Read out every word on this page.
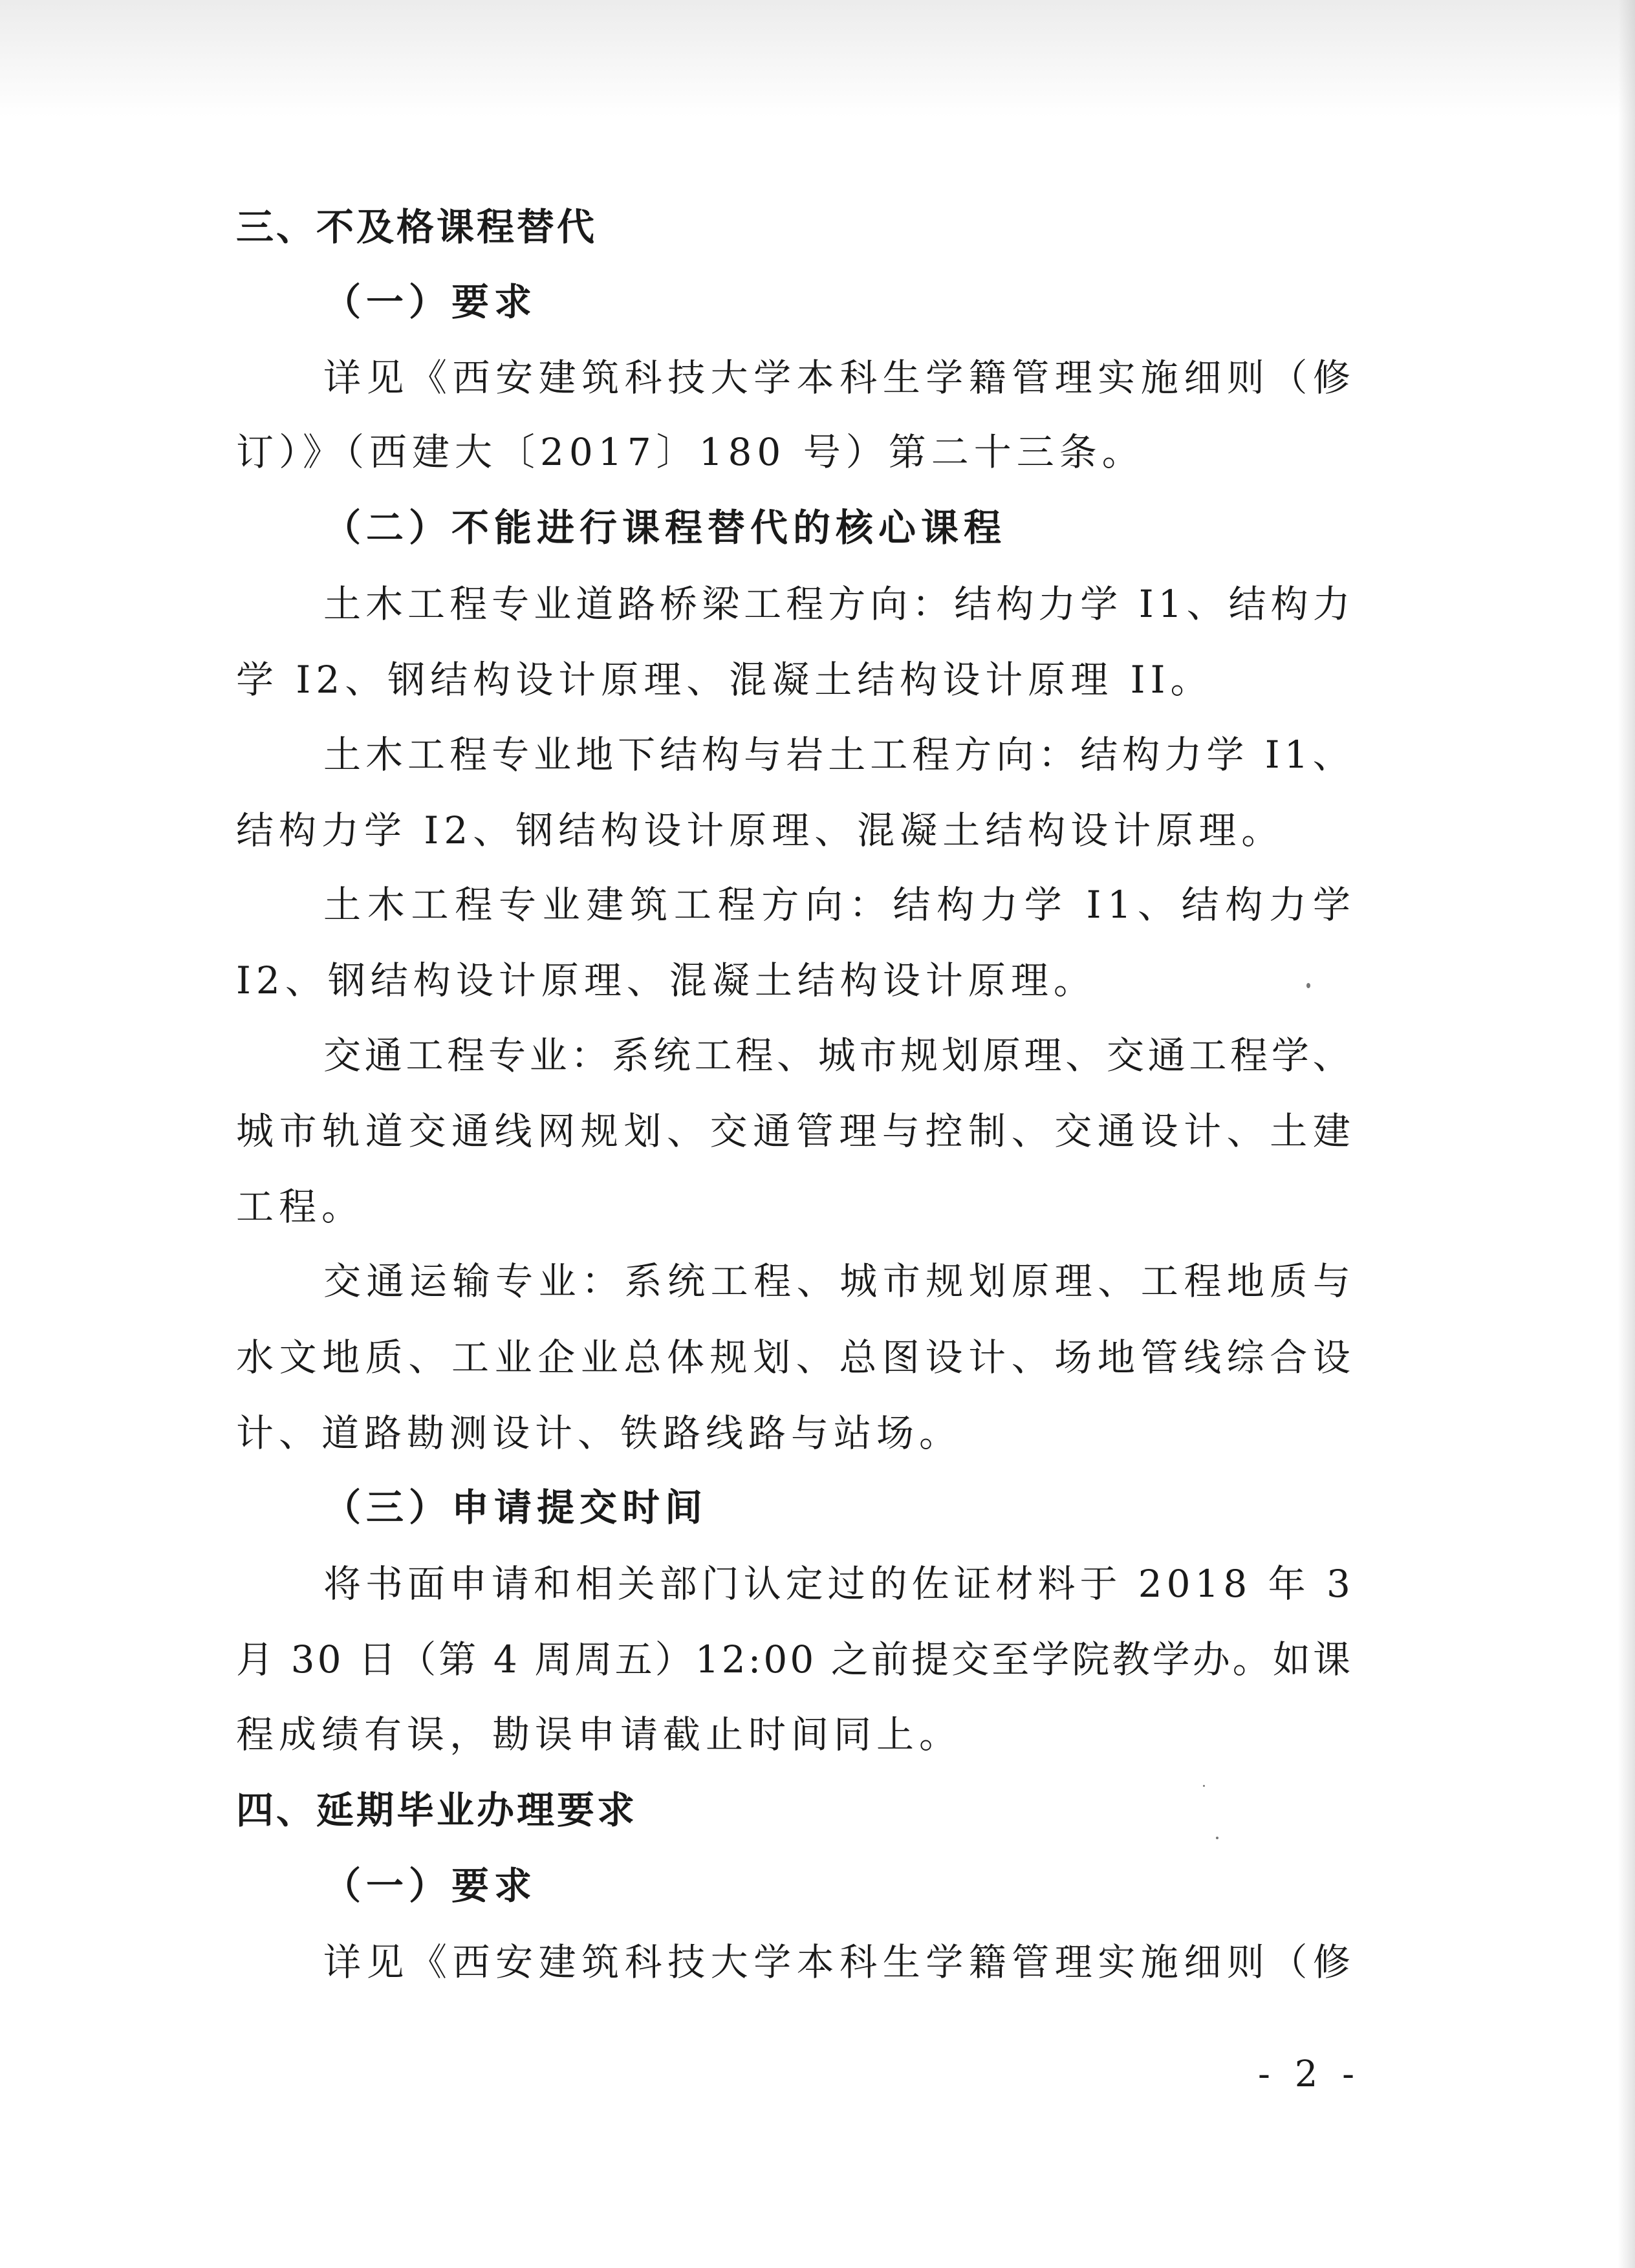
三、不及格课程替代
（一）要求
详 见 《 西 安 建 筑 科 技 大 学 本 科 生 学 籍 管 理 实 施 细 则 （ 修
订）》（西建大〔2017〕180 号）第二十三条。
（二）不能进行课程替代的核心课程
土 木 工 程 专 业 道 路 桥 梁 工 程 方 向 ： 结 构 力 学
I 1 、 结 构 力
学 I2、钢结构设计原理、混凝土结构设计原理 II。
土 木 工 程 专 业 地 下 结 构 与 岩 土 工 程 方 向 ： 结 构 力 学
I 1 、
结构力学 I2、钢结构设计原理、混凝土结构设计原理。
土 木 工 程 专 业 建 筑 工 程 方 向 ： 结 构 力 学
I 1 、 结 构 力 学
I2、钢结构设计原理、混凝土结构设计原理。
交 通 工 程 专 业 ： 系 统 工 程 、 城 市 规 划 原 理 、 交 通 工 程 学 、
城 市 轨 道 交 通 线 网 规 划 、 交 通 管 理 与 控 制 、 交 通 设 计 、 土 建
工程。
交 通 运 输 专 业 ： 系 统 工 程 、 城 市 规 划 原 理 、 工 程 地 质 与
水 文 地 质 、 工 业 企 业 总 体 规 划 、 总 图 设 计 、 场 地 管 线 综 合 设
计、道路勘测设计、铁路线路与站场。
（三）申请提交时间
将 书 面 申 请 和 相 关 部 门 认 定 过 的 佐 证 材 料 于
2 0 1 8
年
3
月
3 0
日 （ 第
4
周 周 五 ） 1 2 : 0 0
之 前 提 交 至 学 院 教 学 办 。 如 课
程成绩有误，勘误申请截止时间同上。
四、延期毕业办理要求
（一）要求
详 见 《 西 安 建 筑 科 技 大 学 本 科 生 学 籍 管 理 实 施 细 则 （ 修
- 2 -
